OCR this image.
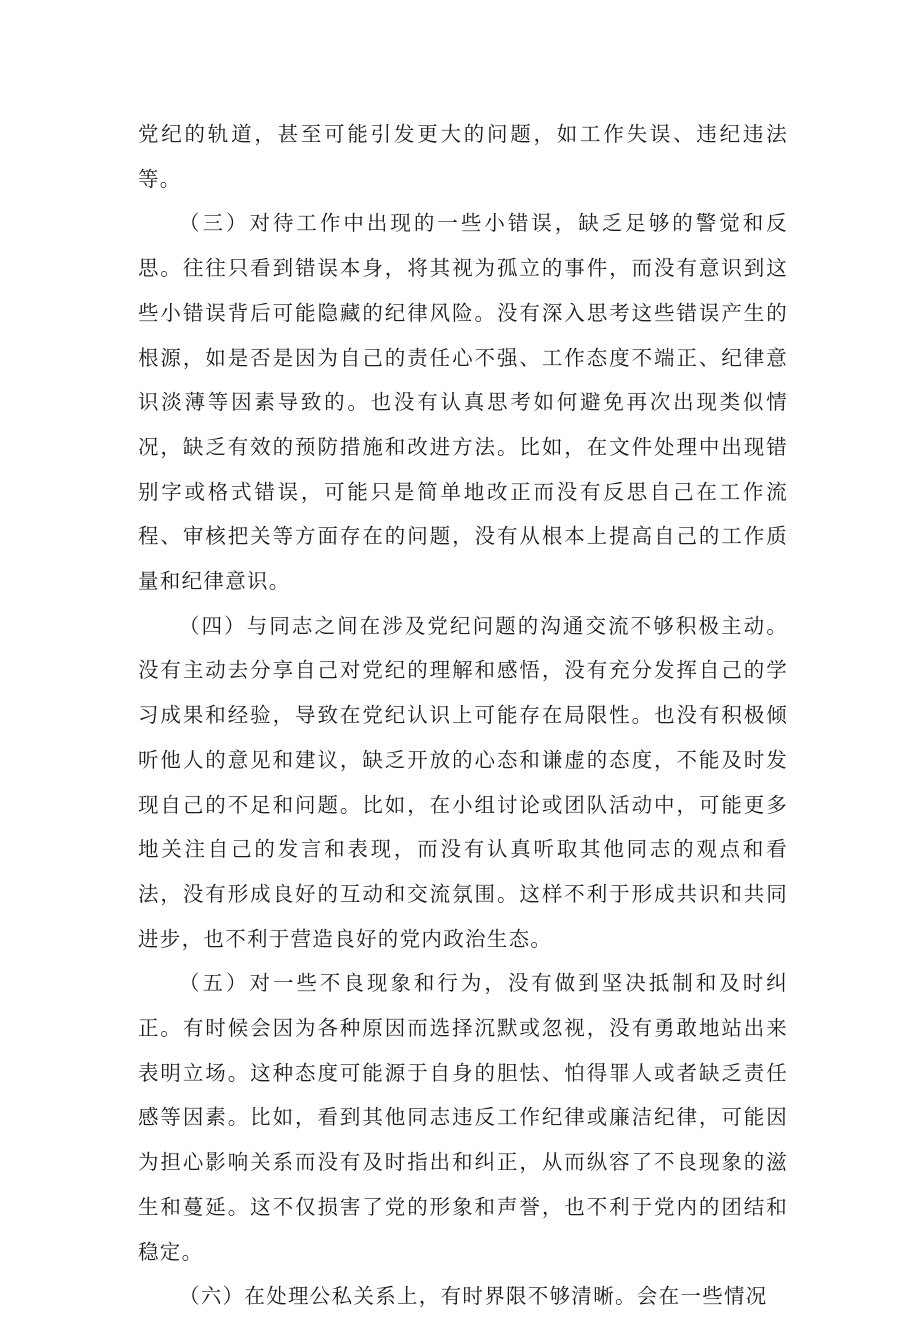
党纪的轨道，甚至可能引发更大的问题，如工作失误、违纪违法等。

（三）对待工作中出现的一些小错误，缺乏足够的警觉和反思。往往只看到错误本身，将其视为孤立的事件，而没有意识到这些小错误背后可能隐藏的纪律风险。没有深入思考这些错误产生的根源，如是否是因为自己的责任心不强、工作态度不端正、纪律意识淡薄等因素导致的。也没有认真思考如何避免再次出现类似情况，缺乏有效的预防措施和改进方法。比如，在文件处理中出现错别字或格式错误，可能只是简单地改正而没有反思自己在工作流程、审核把关等方面存在的问题，没有从根本上提高自己的工作质量和纪律意识。

（四）与同志之间在涉及党纪问题的沟通交流不够积极主动。没有主动去分享自己对党纪的理解和感悟，没有充分发挥自己的学习成果和经验，导致在党纪认识上可能存在局限性。也没有积极倾听他人的意见和建议，缺乏开放的心态和谦虚的态度，不能及时发现自己的不足和问题。比如，在小组讨论或团队活动中，可能更多地关注自己的发言和表现，而没有认真听取其他同志的观点和看法，没有形成良好的互动和交流氛围。这样不利于形成共识和共同进步，也不利于营造良好的党内政治生态。

（五）对一些不良现象和行为，没有做到坚决抵制和及时纠正。有时候会因为各种原因而选择沉默或忽视，没有勇敢地站出来表明立场。这种态度可能源于自身的胆怯、怕得罪人或者缺乏责任感等因素。比如，看到其他同志违反工作纪律或廉洁纪律，可能因为担心影响关系而没有及时指出和纠正，从而纵容了不良现象的滋生和蔓延。这不仅损害了党的形象和声誉，也不利于党内的团结和稳定。

（六）在处理公私关系上，有时界限不够清晰。会在一些情况
